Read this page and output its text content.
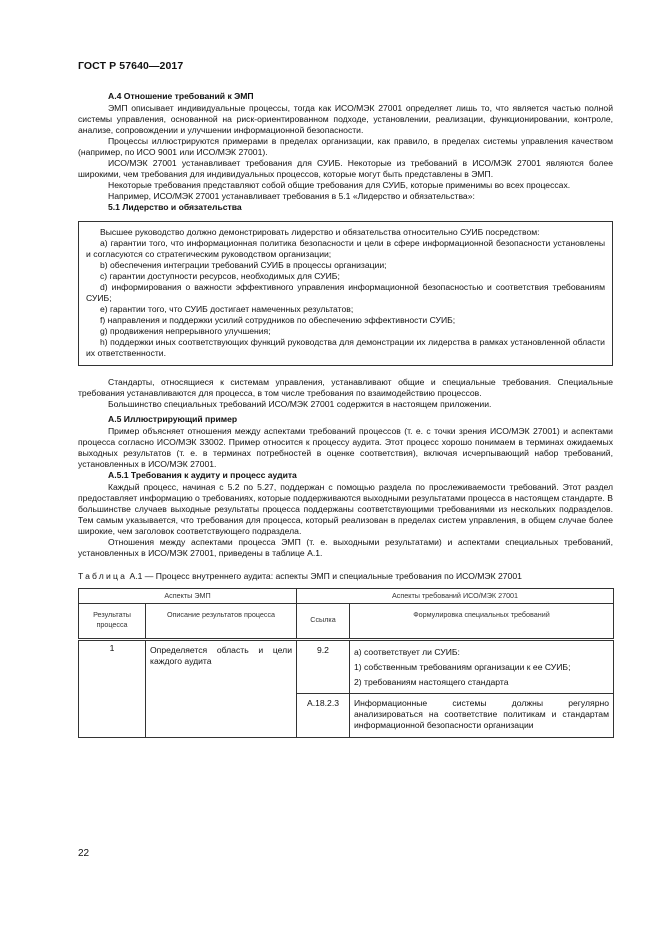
ГОСТ Р 57640—2017
А.4 Отношение требований к ЭМП

ЭМП описывает индивидуальные процессы, тогда как ИСО/МЭК 27001 определяет лишь то, что является частью полной системы управления, основанной на риск-ориентированном подходе, установлении, реализации, функционировании, контроле, анализе, сопровождении и улучшении информационной безопасности.

Процессы иллюстрируются примерами в пределах организации, как правило, в пределах системы управления качеством (например, по ИСО 9001 или ИСО/МЭК 27001).

ИСО/МЭК 27001 устанавливает требования для СУИБ. Некоторые из требований в ИСО/МЭК 27001 являются более широкими, чем требования для индивидуальных процессов, которые могут быть представлены в ЭМП.

Некоторые требования представляют собой общие требования для СУИБ, которые применимы во всех процессах.

Например, ИСО/МЭК 27001 устанавливает требования в 5.1 «Лидерство и обязательства»:

5.1 Лидерство и обязательства

Высшее руководство должно демонстрировать лидерство и обязательства относительно СУИБ посредством:

a) гарантии того, что информационная политика безопасности и цели в сфере информационной безопасности установлены и согласуются со стратегическим руководством организации;

b) обеспечения интеграции требований СУИБ в процессы организации;

c) гарантии доступности ресурсов, необходимых для СУИБ;

d) информирования о важности эффективного управления информационной безопасностью и соответствия требованиям СУИБ;

e) гарантии того, что СУИБ достигает намеченных результатов;

f) направления и поддержки усилий сотрудников по обеспечению эффективности СУИБ;

g) продвижения непрерывного улучшения;

h) поддержки иных соответствующих функций руководства для демонстрации их лидерства в рамках установленной области их ответственности.

Стандарты, относящиеся к системам управления, устанавливают общие и специальные требования. Специальные требования устанавливаются для процесса, в том числе требования по взаимодействию процессов.

Большинство специальных требований ИСО/МЭК 27001 содержится в настоящем приложении.

А.5 Иллюстрирующий пример

Пример объясняет отношения между аспектами требований процессов (т. е. с точки зрения ИСО/МЭК 27001) и аспектами процесса согласно ИСО/МЭК 33002. Пример относится к процессу аудита. Этот процесс хорошо понимаем в терминах ожидаемых выходных результатов (т. е. в терминах потребностей в оценке соответствия), включая исчерпывающий набор требований, установленных в ИСО/МЭК 27001.

А.5.1 Требования к аудиту и процесс аудита

Каждый процесс, начиная с 5.2 по 5.27, поддержан с помощью раздела по прослеживаемости требований. Этот раздел предоставляет информацию о требованиях, которые поддерживаются выходными результатами процесса в настоящем стандарте. В большинстве случаев выходные результаты процесса поддержаны соответствующими требованиями из нескольких подразделов. Тем самым указывается, что требования для процесса, который реализован в пределах систем управления, в общем случае более широкие, чем заголовок соответствующего подраздела.

Отношения между аспектами процесса ЭМП (т. е. выходными результатами) и аспектами специальных требований, установленных в ИСО/МЭК 27001, приведены в таблице А.1.

Таблица А.1 — Процесс внутреннего аудита: аспекты ЭМП и специальные требования по ИСО/МЭК 27001
Аспекты ЭМП		Аспекты требований ИСО/МЭК 27001	
Результаты процесса	Описание результатов процесса	Ссылка	Формулировка специальных требований
1	Определяется область и цели каждого аудита	9.2	а) соответствует ли СУИБ:
1) собственным требованиям организации к ее СУИБ;
2) требованиям настоящего стандарта

		A.18.2.3	Информационные системы должны регулярно анализироваться на соответствие политикам и стандартам информационной безопасности организации
22
